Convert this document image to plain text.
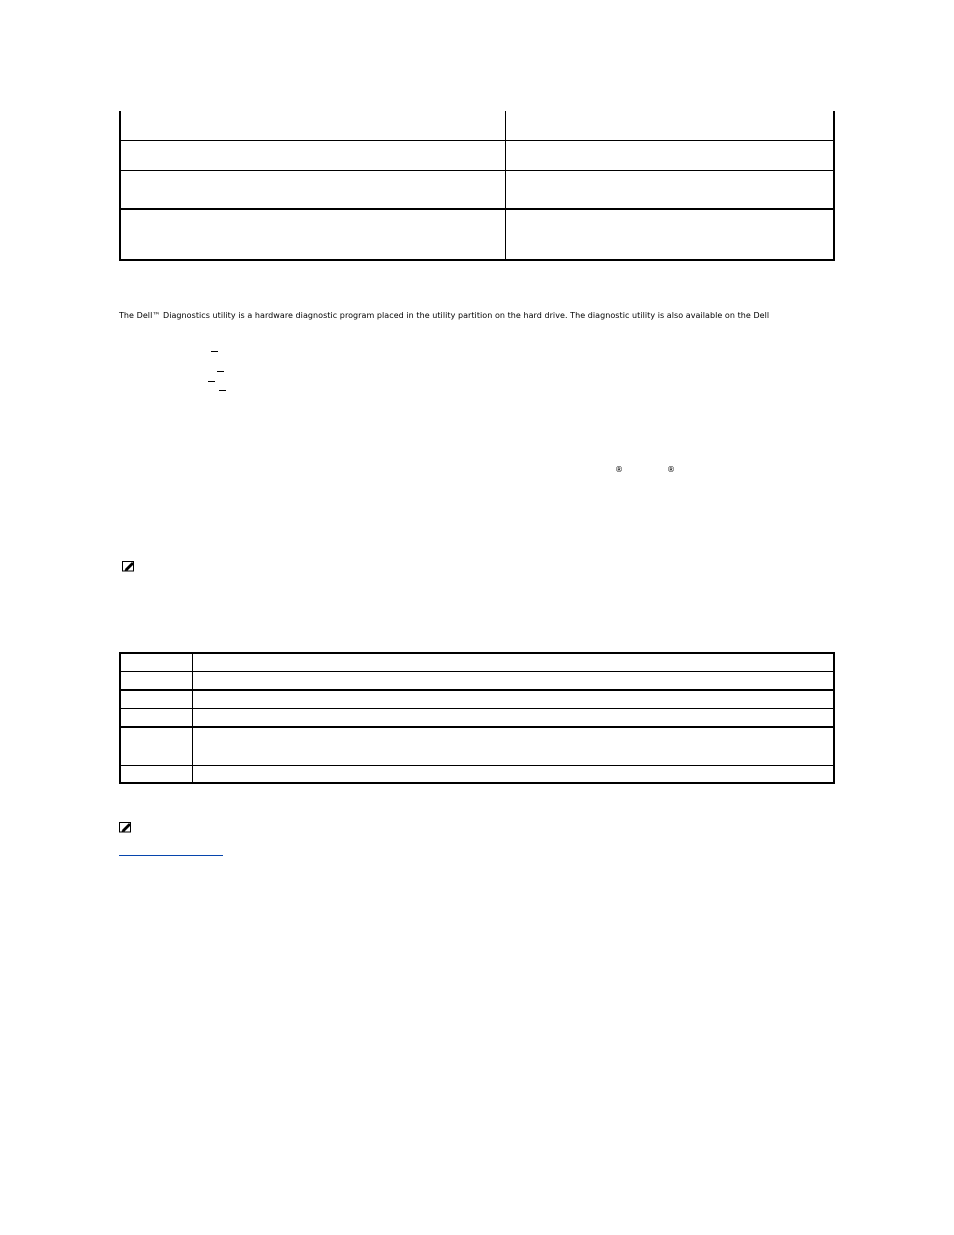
The Dell™ Diagnostics utility is a hardware diagnostic program placed in the utility partition on the hard drive. The diagnostic utility is also available on the Dell
®	®
